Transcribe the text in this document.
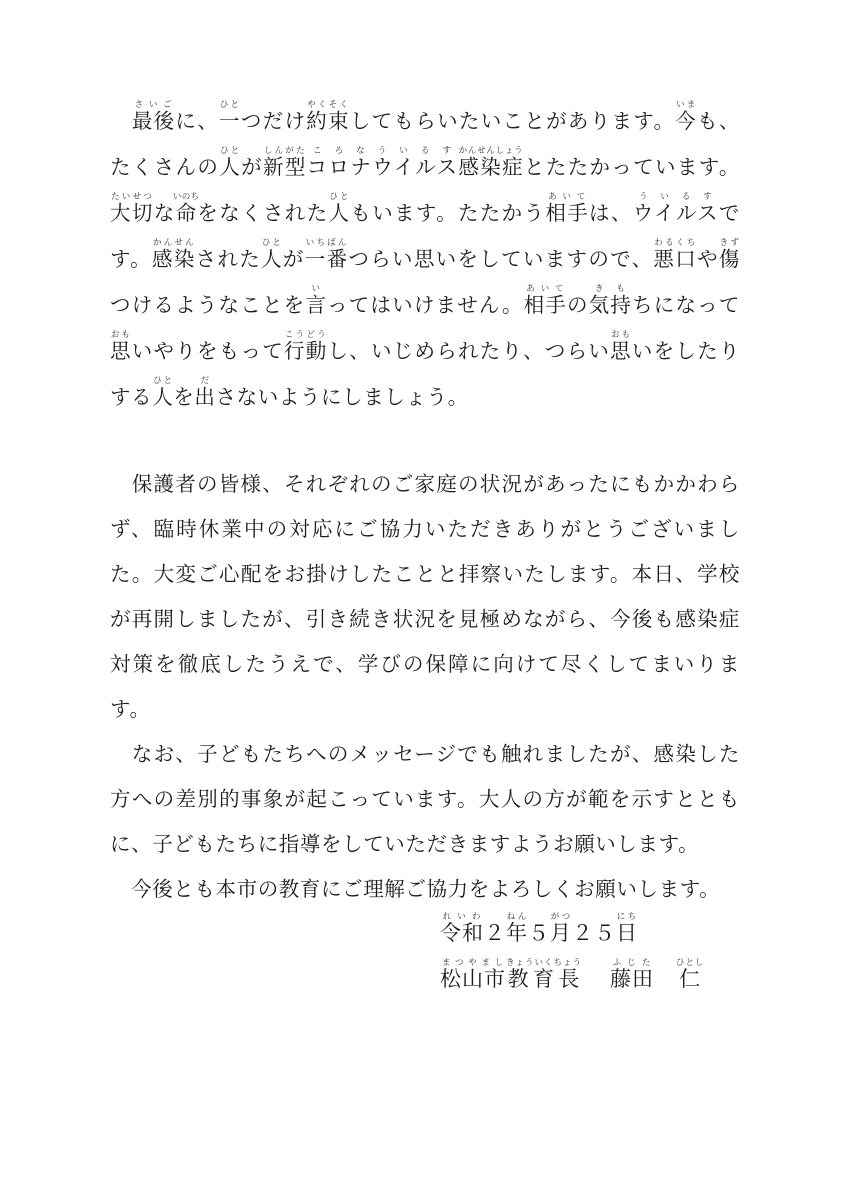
　最後さいごに、一ひとつだけ約束やくそくしてもらいたいことがあります。今いまも、たくさんの人ひとが新型しんがたコロナウイルスころなういるす感染症かんせんしょうとたたかっています。大切たいせつな命いのちをなくされた人ひともいます。たたかう相手あいては、ウイルスういるすです。感染かんせんされた人ひとが一番いちばんつらい思いをしていますので、悪口わるくちや傷きずつけるようなことを言いってはいけません。相手あいての気持きもちになって思おもいやりをもって行動こうどうし、いじめられたり、つらい思おもいをしたりする人ひとを出ださないようにしましょう。

　保護者の皆様、それぞれのご家庭の状況があったにもかかわらず、臨時休業中の対応にご協力いただきありがとうございました。大変ご心配をお掛けしたことと拝察いたします。本日、学校が再開しましたが、引き続き状況を見極めながら、今後も感染症対策を徹底したうえで、学びの保障に向けて尽くしてまいります。

　なお、子どもたちへのメッセージでも触れましたが、感染した方への差別的事象が起こっています。大人の方が範を示すとともに、子どもたちに指導をしていただきますようお願いします。

　今後とも本市の教育にご理解ご協力をよろしくお願いします。

令和れいわ２年ねん５月がつ２５日にち
松山市まつやまし教育長きょういくちょう藤田ふじた仁ひとし
